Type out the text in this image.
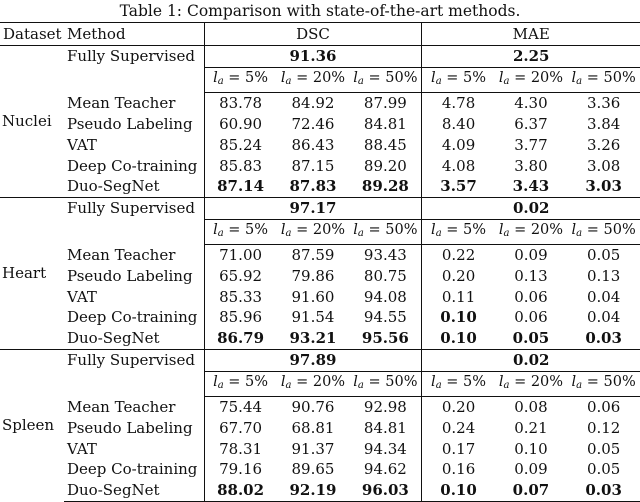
Table 1: Comparison with state-of-the-art methods.
Dataset	Method	DSC			MAE		
Nuclei	Fully Supervised	91.36			2.25		
		$l_a = 5\%$	$l_a = 20\%$	$l_a = 50\%$	$l_a = 5\%$	$l_a = 20\%$	$l_a = 50\%$
	Mean Teacher	83.78	84.92	87.99	4.78	4.30	3.36
	Pseudo Labeling	60.90	72.46	84.81	8.40	6.37	3.84
	VAT	85.24	86.43	88.45	4.09	3.77	3.26
	Deep Co-training	85.83	87.15	89.20	4.08	3.80	3.08
	Duo-SegNet	87.14	87.83	89.28	3.57	3.43	3.03
Heart	Fully Supervised	97.17			0.02		
		$l_a = 5\%$	$l_a = 20\%$	$l_a = 50\%$	$l_a = 5\%$	$l_a = 20\%$	$l_a = 50\%$
	Mean Teacher	71.00	87.59	93.43	0.22	0.09	0.05
	Pseudo Labeling	65.92	79.86	80.75	0.20	0.13	0.13
	VAT	85.33	91.60	94.08	0.11	0.06	0.04
	Deep Co-training	85.96	91.54	94.55	0.10	0.06	0.04
	Duo-SegNet	86.79	93.21	95.56	0.10	0.05	0.03
Spleen	Fully Supervised	97.89			0.02		
		$l_a = 5\%$	$l_a = 20\%$	$l_a = 50\%$	$l_a = 5\%$	$l_a = 20\%$	$l_a = 50\%$
	Mean Teacher	75.44	90.76	92.98	0.20	0.08	0.06
	Pseudo Labeling	67.70	68.81	84.81	0.24	0.21	0.12
	VAT	78.31	91.37	94.34	0.17	0.10	0.05
	Deep Co-training	79.16	89.65	94.62	0.16	0.09	0.05
	Duo-SegNet	88.02	92.19	96.03	0.10	0.07	0.03
